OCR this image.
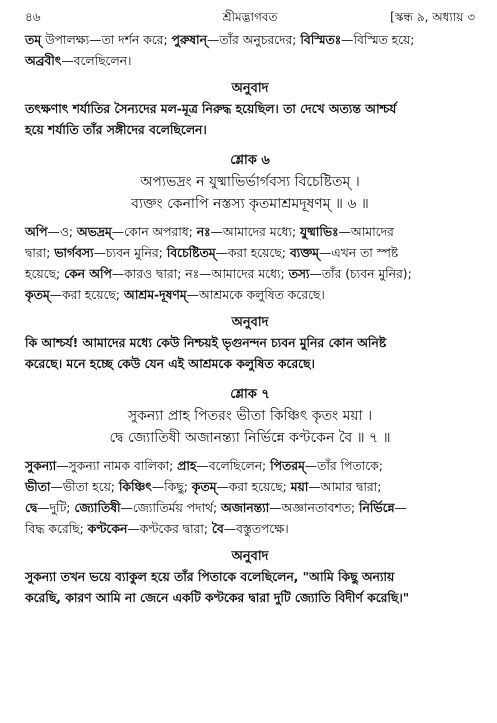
৪৬	শ্রীমদ্ভাগবত	[স্কন্ধ ৯, অধ্যায় ৩

তম্ উপালক্ষ্য—তা দর্শন করে; পুরুষান্—তাঁর অনুচরদের; বিস্মিতঃ—বিস্মিত হয়ে;

অব্রবীৎ—বলেছিলেন।

অনুবাদ

তৎক্ষণাৎ শর্যাতির সৈন্যদের মল-মূত্র নিরুদ্ধ হয়েছিল। তা দেখে অত্যন্ত আশ্চর্য

হয়ে শর্যাতি তাঁর সঙ্গীদের বলেছিলেন।

শ্লোক ৬

অপ্যভদ্রং ন যুষ্মাভির্ভার্গবস্য বিচেষ্টিতম্ ।

ব্যক্তং কেনাপি নস্তস্য কৃতমাশ্রমদূষণম্ ॥ ৬ ॥

অপি—ও; অভদ্রম্—কোন অপরাধ; নঃ—আমাদের মধ্যে; যুষ্মাভিঃ—আমাদের

দ্বারা; ভার্গবস্য—চ্যবন মুনির; বিচেষ্টিতম্—করা হয়েছে; ব্যক্তম্—এখন তা স্পষ্ট

হয়েছে; কেন অপি—কারও দ্বারা; নঃ—আমাদের মধ্যে; তস্য—তাঁর (চ্যবন মুনির);

কৃতম্—করা হয়েছে; আশ্রম-দূষণম্—আশ্রমকে কলুষিত করেছে।

অনুবাদ

কি আশ্চর্য! আমাদের মধ্যে কেউ নিশ্চয়ই ভৃগুনন্দন চ্যবন মুনির কোন অনিষ্ট

করেছে। মনে হচ্ছে কেউ যেন এই আশ্রমকে কলুষিত করেছে।

শ্লোক ৭

সুকন্যা প্রাহ পিতরং ভীতা কিঞ্চিৎ কৃতং ময়া ।

দ্বে জ্যোতিষী অজানন্ত্যা নির্ভিন্নে কণ্টকেন বৈ ॥ ৭ ॥

সুকন্যা—সুকন্যা নামক বালিকা; প্রাহ—বলেছিলেন; পিতরম্—তাঁর পিতাকে;

ভীতা—ভীতা হয়ে; কিঞ্চিৎ—কিছু; কৃতম্—করা হয়েছে; ময়া—আমার দ্বারা;

দ্বে—দুটি; জ্যোতিষী—জ্যোতির্ময় পদার্থ; অজানন্ত্যা—অজ্ঞানতাবশত; নির্ভিন্নে—

বিদ্ধ করেছি; কণ্টকেন—কণ্টকের দ্বারা; বৈ—বস্তুতপক্ষে।

অনুবাদ

সুকন্যা তখন ভয়ে ব্যাকুল হয়ে তাঁর পিতাকে বলেছিলেন, "আমি কিছু অন্যায়

করেছি, কারণ আমি না জেনে একটি কণ্টকের দ্বারা দুটি জ্যোতি বিদীর্ণ করেছি।"
